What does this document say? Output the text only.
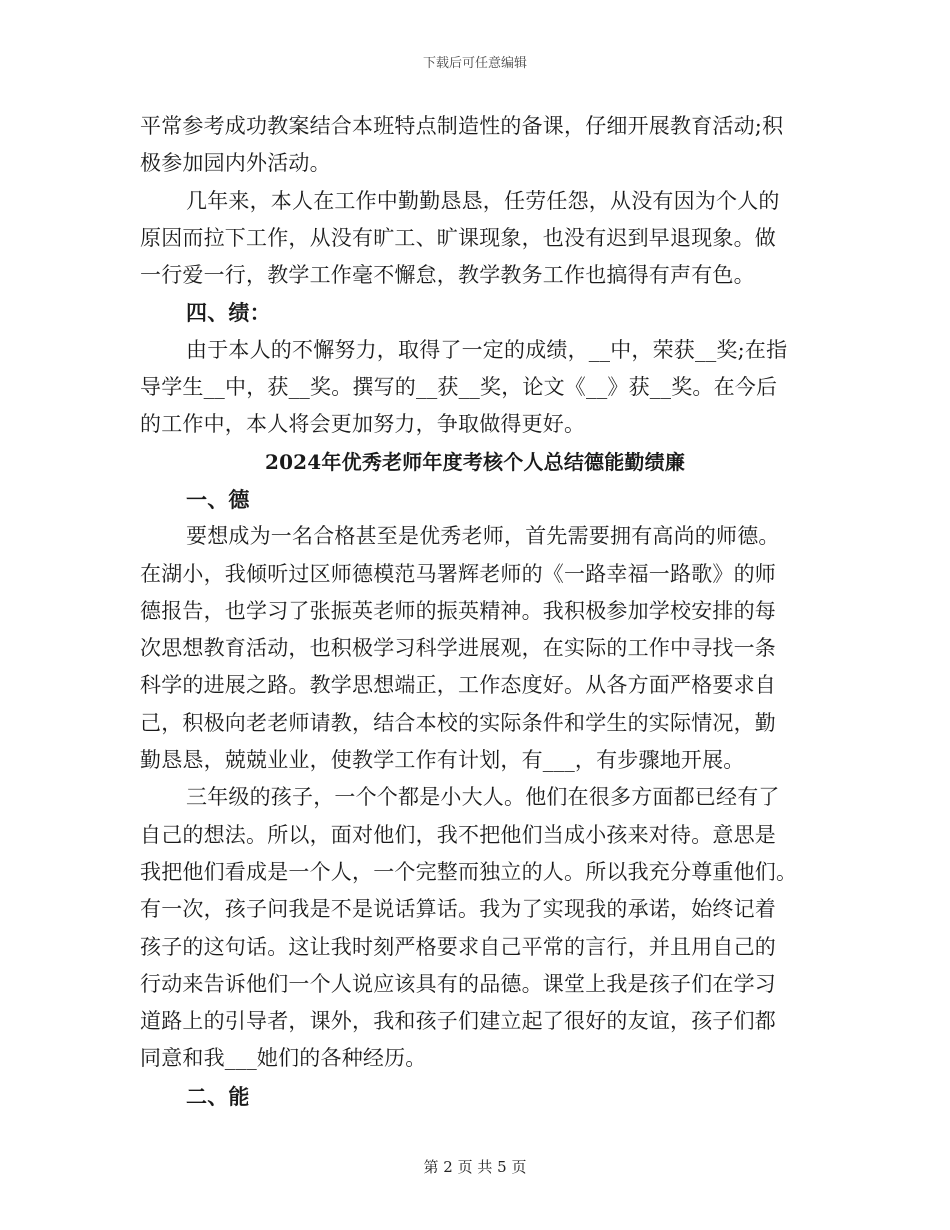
下载后可任意编辑
平常参考成功教案结合本班特点制造性的备课，仔细开展教育活动;积
极参加园内外活动。
几年来，本人在工作中勤勤恳恳，任劳任怨，从没有因为个人的
原因而拉下工作，从没有旷工、旷课现象，也没有迟到早退现象。做
一行爱一行，教学工作毫不懈怠，教学教务工作也搞得有声有色。
四、绩：
由于本人的不懈努力，取得了一定的成绩，__中，荣获__奖;在指
导学生__中，获__奖。撰写的__获__奖，论文《__》获__奖。在今后
的工作中，本人将会更加努力，争取做得更好。
2024年优秀老师年度考核个人总结德能勤绩廉
一、德
要想成为一名合格甚至是优秀老师，首先需要拥有高尚的师德。
在湖小，我倾听过区师德模范马署辉老师的《一路幸福一路歌》的师
德报告，也学习了张振英老师的振英精神。我积极参加学校安排的每
次思想教育活动，也积极学习科学进展观，在实际的工作中寻找一条
科学的进展之路。教学思想端正，工作态度好。从各方面严格要求自
己，积极向老老师请教，结合本校的实际条件和学生的实际情况，勤
勤恳恳，兢兢业业，使教学工作有计划，有___，有步骤地开展。
三年级的孩子，一个个都是小大人。他们在很多方面都已经有了
自己的想法。所以，面对他们，我不把他们当成小孩来对待。意思是
我把他们看成是一个人，一个完整而独立的人。所以我充分尊重他们。
有一次，孩子问我是不是说话算话。我为了实现我的承诺，始终记着
孩子的这句话。这让我时刻严格要求自己平常的言行，并且用自己的
行动来告诉他们一个人说应该具有的品德。课堂上我是孩子们在学习
道路上的引导者，课外，我和孩子们建立起了很好的友谊，孩子们都
同意和我___她们的各种经历。
二、能
第 2 页 共 5 页
